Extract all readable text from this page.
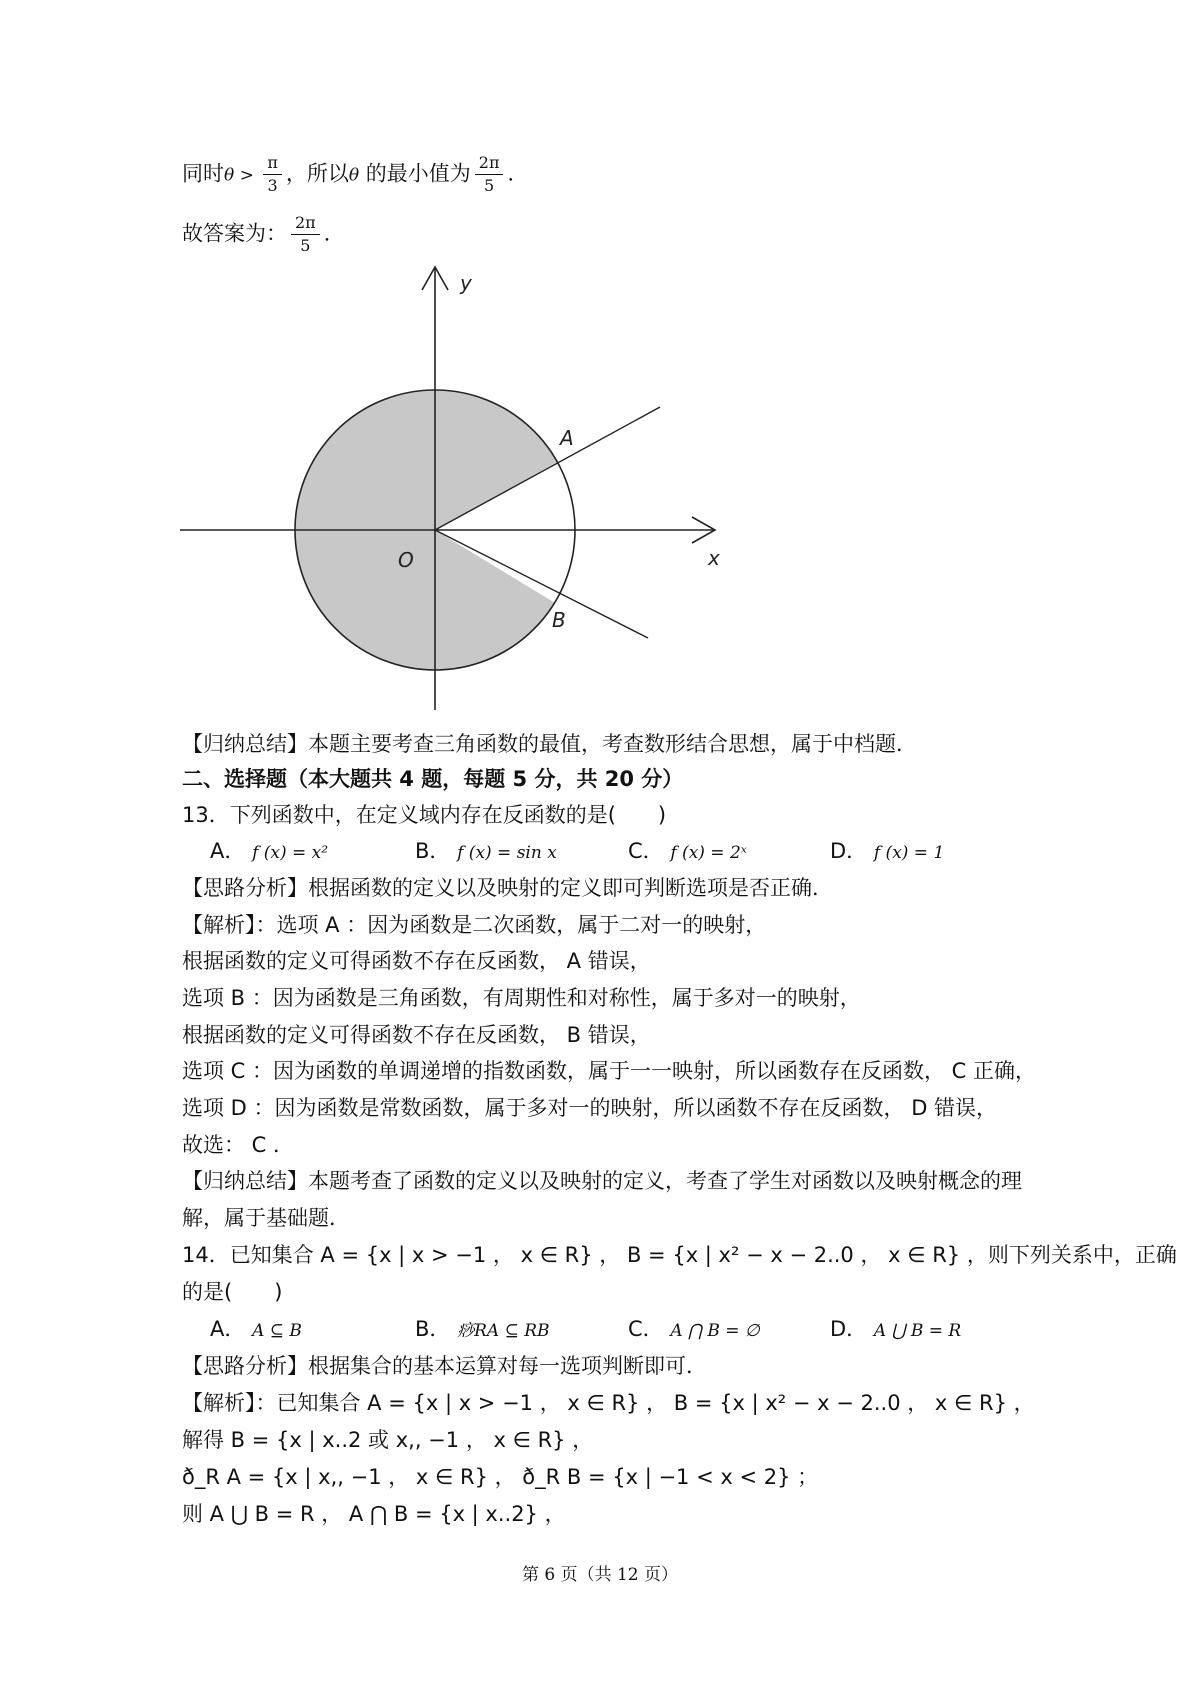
同时$\theta > \frac{\pi}{3}$ ，所以θ 的最小值为 $\frac{2\pi}{5}$ ．
故答案为： $\frac{2\pi}{5}$ ．
y
x
O
A
B
【归纳总结】本题主要考查三角函数的最值，考查数形结合思想，属于中档题．
二、选择题（本大题共 4 题，每题 5 分，共 20 分）
13．下列函数中，在定义域内存在反函数的是(　　)
A． f (x) = x²	B． f (x) = sin x	C． f (x) = 2ˣ	D． f (x) = 1
【思路分析】根据函数的定义以及映射的定义即可判断选项是否正确．
【解析】：选项 A ：因为函数是二次函数，属于二对一的映射，
根据函数的定义可得函数不存在反函数， A 错误，
选项 B ：因为函数是三角函数，有周期性和对称性，属于多对一的映射，
根据函数的定义可得函数不存在反函数， B 错误，
选项 C ：因为函数的单调递增的指数函数，属于一一映射，所以函数存在反函数， C 正确，
选项 D ：因为函数是常数函数，属于多对一的映射，所以函数不存在反函数， D 错误，
故选： C ．
【归纳总结】本题考查了函数的定义以及映射的定义，考查了学生对函数以及映射概念的理
解，属于基础题．
14．已知集合 A = {x | x > −1 ， x ∈ R} ， B = {x | x² − x − 2..0 ， x ∈ R} ，则下列关系中，正确
的是(　　)
A． A ⊆ B	B． 痧RA ⊆ RB	C． A ⋂ B = ∅	D． A ⋃ B = R
【思路分析】根据集合的基本运算对每一选项判断即可．
【解析】：已知集合 A = {x | x > −1 ， x ∈ R} ， B = {x | x² − x − 2..0 ， x ∈ R} ，
解得 B = {x | x..2 或 x,, −1 ， x ∈ R} ，
ð_R A = {x | x,, −1 ， x ∈ R} ， ð_R B = {x | −1 < x < 2} ；
则 A ⋃ B = R ， A ⋂ B = {x | x..2} ，
第 6 页（共 12 页）
